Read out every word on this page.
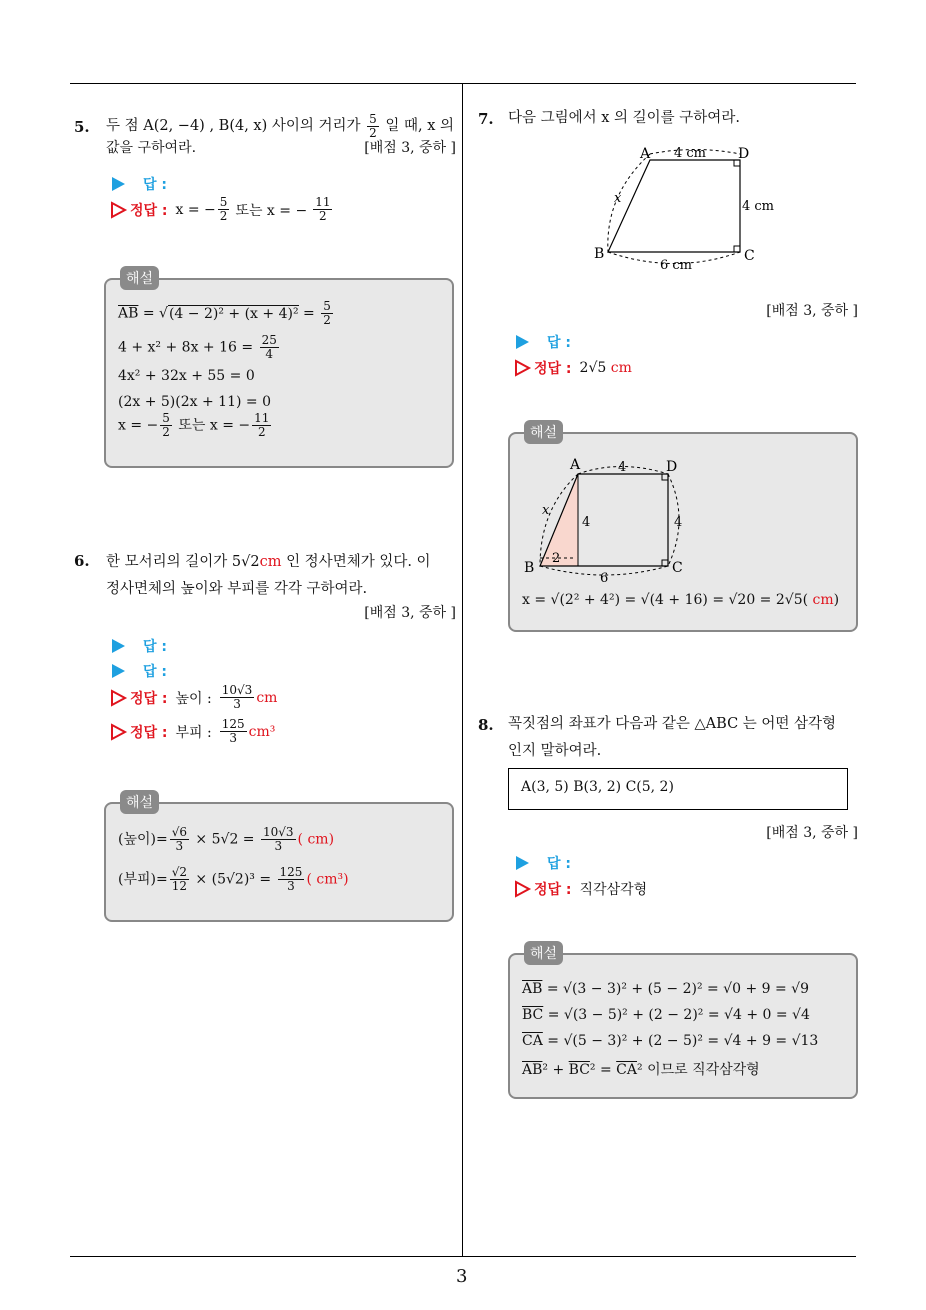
3
5. 두 점 A(2, −4) , B(4, x) 사이의 거리가 $\frac{5}{2}$ 일 때, x 의
값을 구하여라.	[배점 3, 중하 ]
답 :
정답 : x = − $\frac{5}{2}$ 또는 x = − $\frac{11}{2}$
$\overline{AB} = √(4 - 2)^2 + (x + 4)^2 = \frac{5}{2}$
$4 + x^2 + 8x + 16 = \frac{25}{4}$
4x² + 32x + 55 = 0
(2x + 5)(2x + 11) = 0
x = − $\frac{5}{2}$ 또는 x = − $\frac{11}{2}$
해설
6. 한 모서리의 길이가 5√2cm 인 정사면체가 있다. 이
정사면체의 높이와 부피를 각각 구하여라.
[배점 3, 중하 ]
답 :
답 :
정답 : 높이 : $\frac{10√3}{3}$ cm
정답 : 부피 : $\frac{125}{3} cm^3$
(높이)= $\frac{√6}{3} \times 5√2 = \frac{10√3}{3}$ ( cm)
(부피)= $\frac{√2}{12} \times (5√2)^3 = \frac{125}{3}$ ( cm³)
해설
7. 다음 그림에서 x 의 길이를 구하여라.
A	D
B	C
4 cm
4 cm
6 cm
x
[배점 3, 중하 ]
답 :
정답 : 2√5
cm
A	D
B	C
4
4	4
6
2
x
x = √(2² + 4²) = √(4 + 16) = √20 = 2√5( cm)
해설
8. 꼭짓점의 좌표가 다음과 같은 △ABC 는 어떤 삼각형
인지 말하여라.
A(3, 5) B(3, 2) C(5, 2)
[배점 3, 중하 ]
답 :
정답 : 직각삼각형
$\overline{AB} = √(3 - 3)^2 + (5 - 2)^2 = √0 + 9 = √9$
$\overline{BC} = √(3 - 5)^2 + (2 - 2)^2 = √4 + 0 = √4$
$\overline{CA} = √(5 - 3)^2 + (2 - 5)^2 = √4 + 9 = √13$
$\overline{AB}^2 + \overline{BC}^2 = \overline{CA}^2$ 이므로 직각삼각형
해설
